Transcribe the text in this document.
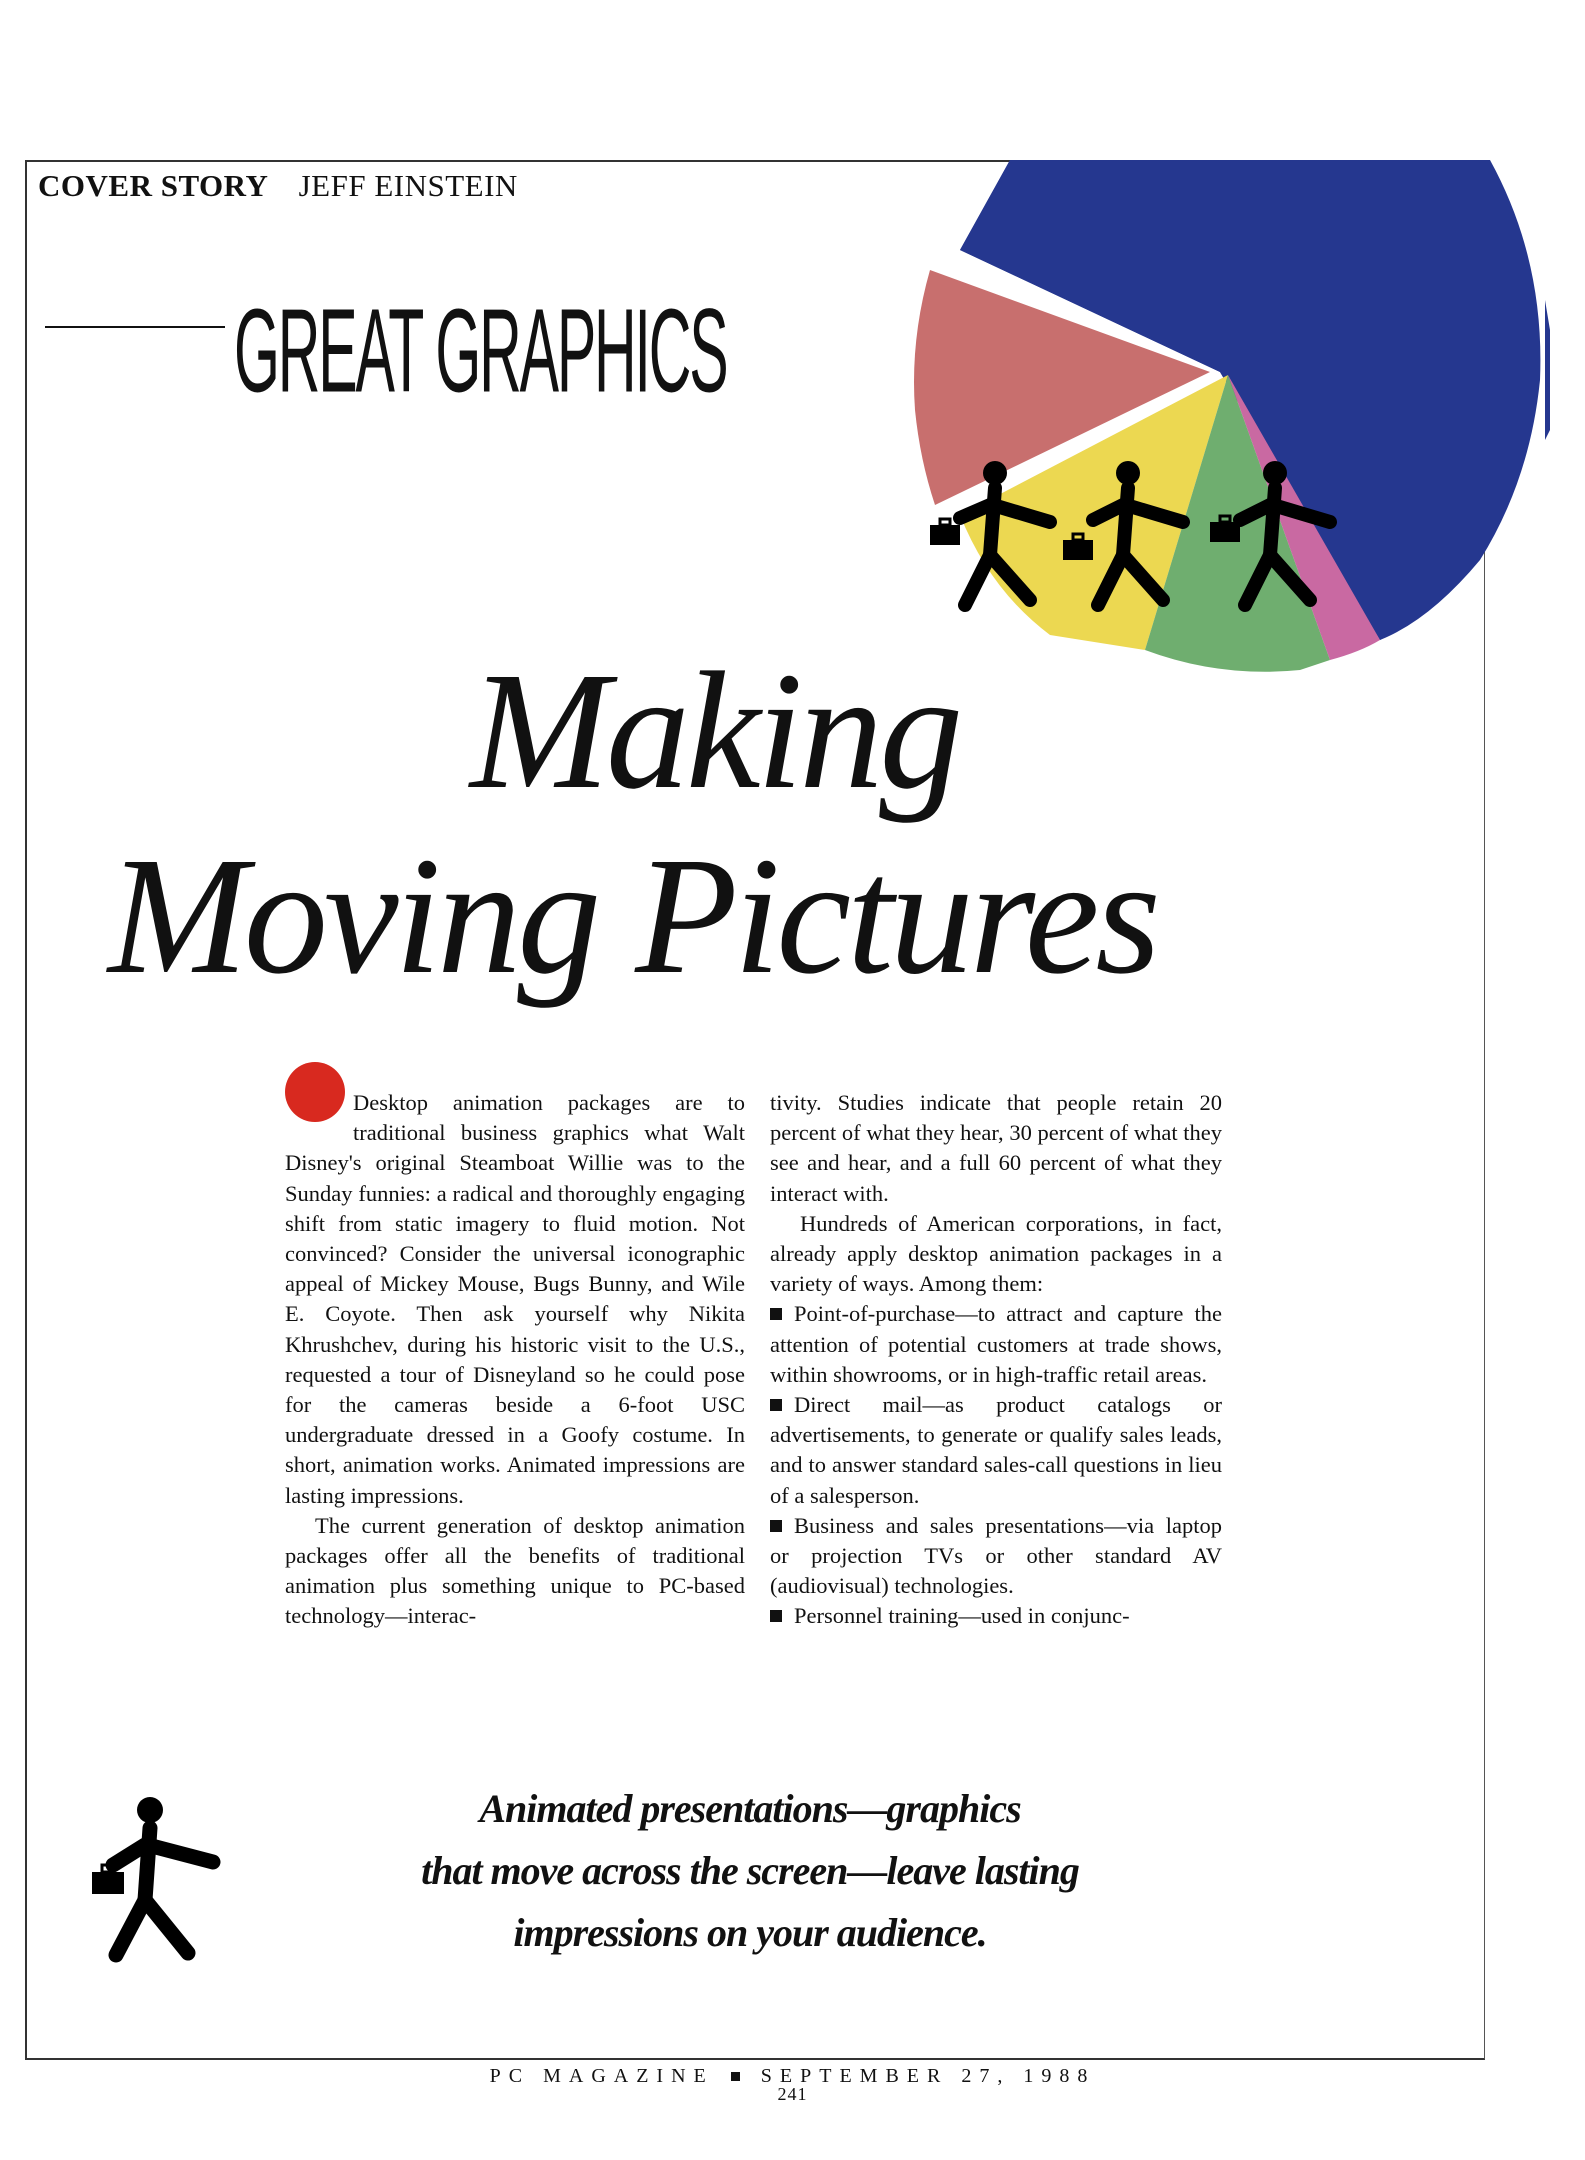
COVER STORY JEFF EINSTEIN
GREAT GRAPHICS
Making
Moving Pictures

Desktop animation packages are to traditional business graphics what Walt Disney's original Steamboat Willie was to the Sunday funnies: a radical and thoroughly engaging shift from static imagery to fluid motion. Not convinced? Consider the universal iconographic appeal of Mickey Mouse, Bugs Bunny, and Wile E. Coyote. Then ask yourself why Nikita Khrushchev, during his historic visit to the U.S., requested a tour of Disneyland so he could pose for the cameras beside a 6-foot USC undergraduate dressed in a Goofy costume. In short, animation works. Animated impressions are lasting impressions.

The current generation of desktop animation packages offer all the benefits of traditional animation plus something unique to PC-based technology—interac-

tivity. Studies indicate that people retain 20 percent of what they hear, 30 percent of what they see and hear, and a full 60 percent of what they interact with.

Hundreds of American corporations, in fact, already apply desktop animation packages in a variety of ways. Among them:

Point-of-purchase—to attract and capture the attention of potential customers at trade shows, within showrooms, or in high-traffic retail areas.

Direct mail—as product catalogs or advertisements, to generate or qualify sales leads, and to answer standard sales-call questions in lieu of a salesperson.

Business and sales presentations—via laptop or projection TVs or other standard AV (audiovisual) technologies.

Personnel training—used in conjunc-

Animated presentations—graphics
that move across the screen—leave lasting
impressions on your audience.
PC MAGAZINE SEPTEMBER 27, 1988
241
